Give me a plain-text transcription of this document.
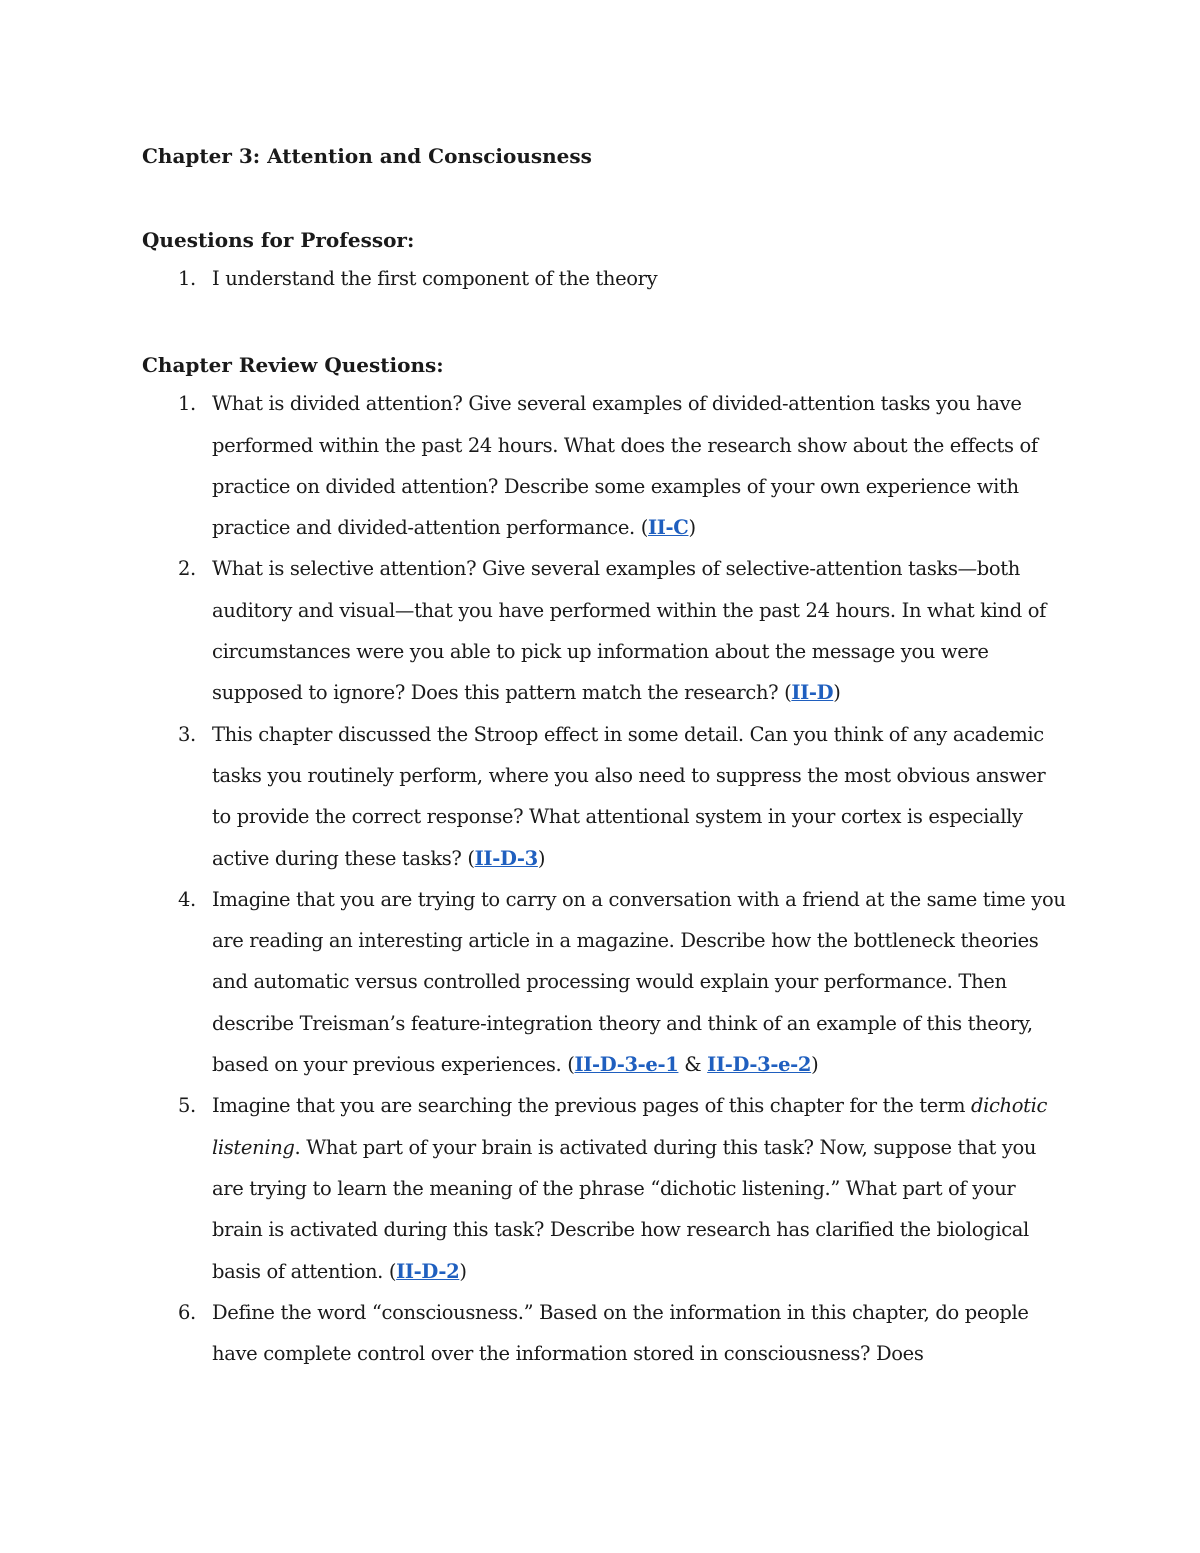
Chapter 3: Attention and Consciousness

Questions for Professor:

1. I understand the first component of the theory

Chapter Review Questions:

1. What is divided attention? Give several examples of divided-attention tasks you have performed within the past 24 hours. What does the research show about the effects of practice on divided attention? Describe some examples of your own experience with practice and divided-attention performance. (II-C)
2. What is selective attention? Give several examples of selective-attention tasks—both auditory and visual—that you have performed within the past 24 hours. In what kind of circumstances were you able to pick up information about the message you were supposed to ignore? Does this pattern match the research? (II-D)
3. This chapter discussed the Stroop effect in some detail. Can you think of any academic tasks you routinely perform, where you also need to suppress the most obvious answer to provide the correct response? What attentional system in your cortex is especially active during these tasks? (II-D-3)
4. Imagine that you are trying to carry on a conversation with a friend at the same time you are reading an interesting article in a magazine. Describe how the bottleneck theories and automatic versus controlled processing would explain your performance. Then describe Treisman’s feature-integration theory and think of an example of this theory, based on your previous experiences. (II-D-3-e-1 & II-D-3-e-2)
5. Imagine that you are searching the previous pages of this chapter for the term dichotic listening. What part of your brain is activated during this task? Now, suppose that you are trying to learn the meaning of the phrase “dichotic listening.” What part of your brain is activated during this task? Describe how research has clarified the biological basis of attention. (II-D-2)
6. Define the word “consciousness.” Based on the information in this chapter, do people have complete control over the information stored in consciousness? Does
